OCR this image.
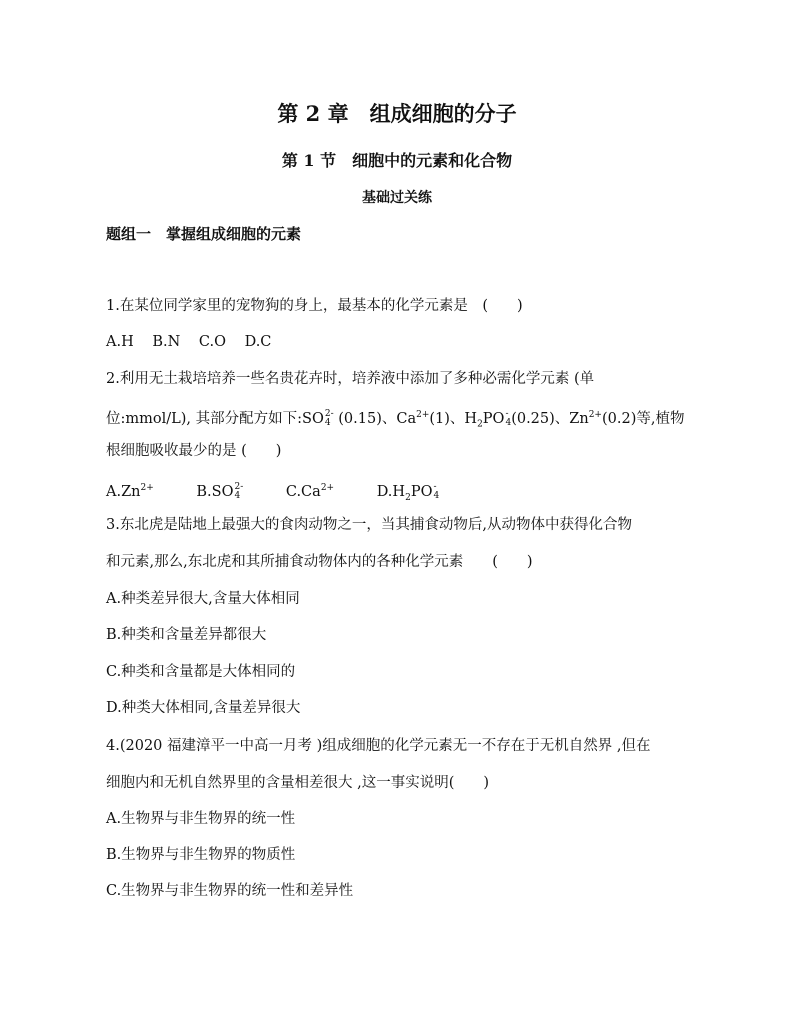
第 2 章　组成细胞的分子
第 1 节　细胞中的元素和化合物
基础过关练
题组一　掌握组成细胞的元素
1.在某位同学家里的宠物狗的身上，最基本的化学元素是　(　　)
A.H B.N C.O D.C
2.利用无土栽培培养一些名贵花卉时，培养液中添加了多种必需化学元素 (单
位:mmol/L), 其部分配方如下:SO 2-
4 (0.15)、$Ca^{2+}(1)$、$H_2PO$ -
4 (0.25)、$Zn^{2+}(0.2)$等,植物
根细胞吸收最少的是 (　　)
$A.Zn^{2+}$	B.SO 2-
4	$C.Ca^{2+}$	$D.H_2PO$ -
4
3.东北虎是陆地上最强大的食肉动物之一，当其捕食动物后,从动物体中获得化合物
和元素,那么,东北虎和其所捕食动物体内的各种化学元素　　(　　)
A.种类差异很大,含量大体相同
B.种类和含量差异都很大
C.种类和含量都是大体相同的
D.种类大体相同,含量差异很大
4.(2020 福建漳平一中高一月考 )组成细胞的化学元素无一不存在于无机自然界 ,但在
细胞内和无机自然界里的含量相差很大 ,这一事实说明(　　)
A.生物界与非生物界的统一性
B.生物界与非生物界的物质性
C.生物界与非生物界的统一性和差异性
